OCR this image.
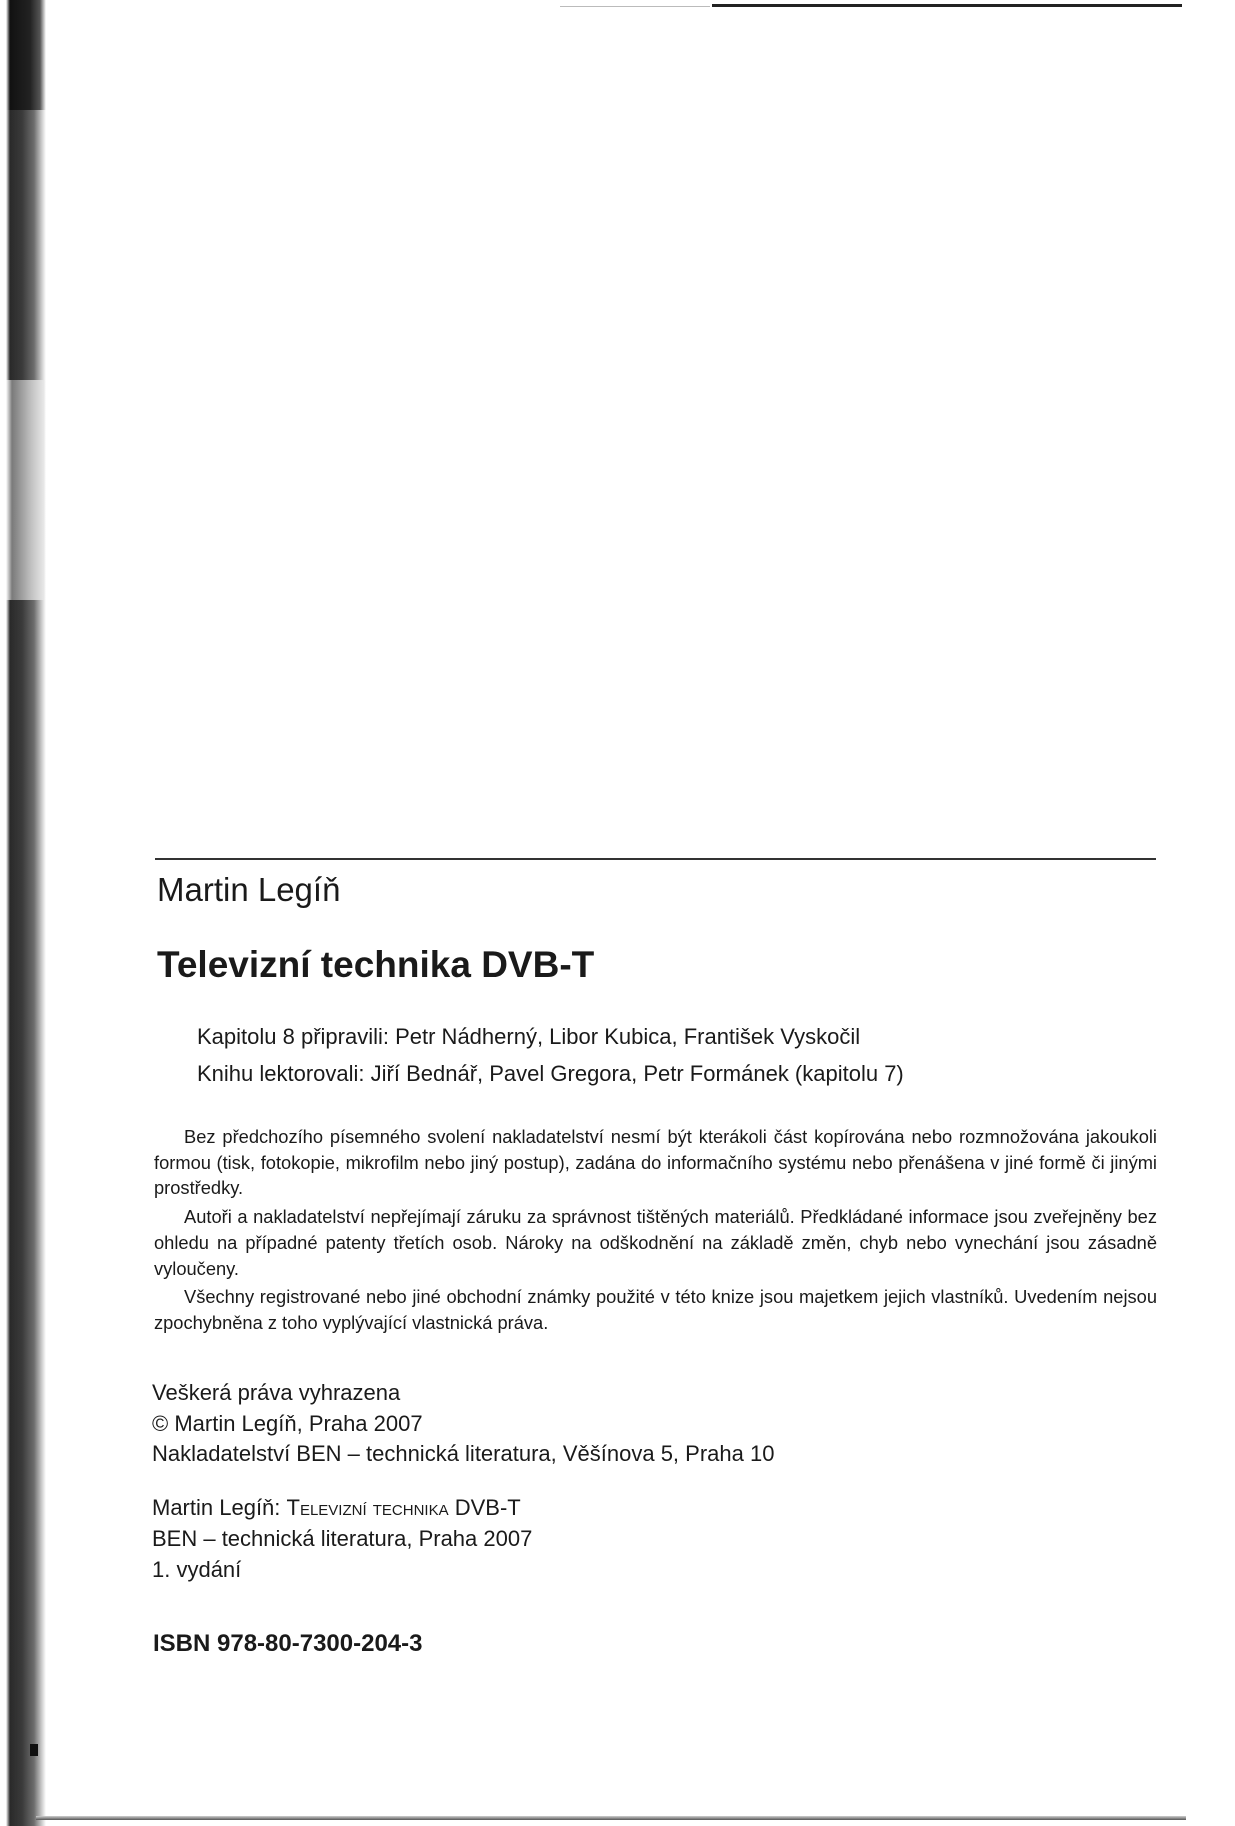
Martin Legíň
Televizní technika DVB-T
Kapitolu 8 připravili: Petr Nádherný, Libor Kubica, František Vyskočil
Knihu lektorovali: Jiří Bednář, Pavel Gregora, Petr Formánek (kapitolu 7)

Bez předchozího písemného svolení nakladatelství nesmí být kterákoli část kopírována nebo rozmnožována jakoukoli formou (tisk, fotokopie, mikrofilm nebo jiný postup), zadána do informačního systému nebo přenášena v jiné formě či jinými prostředky.

Autoři a nakladatelství nepřejímají záruku za správnost tištěných materiálů. Předkládané informace jsou zveřejněny bez ohledu na případné patenty třetích osob. Nároky na odškodnění na základě změn, chyb nebo vynechání jsou zásadně vyloučeny.

Všechny registrované nebo jiné obchodní známky použité v této knize jsou majetkem jejich vlastníků. Uvedením nejsou zpochybněna z toho vyplývající vlastnická práva.

Veškerá práva vyhrazena
© Martin Legíň, Praha 2007
Nakladatelství BEN – technická literatura, Věšínova 5, Praha 10
Martin Legíň: Televizní technika DVB-T
BEN – technická literatura, Praha 2007
1. vydání
ISBN 978-80-7300-204-3
